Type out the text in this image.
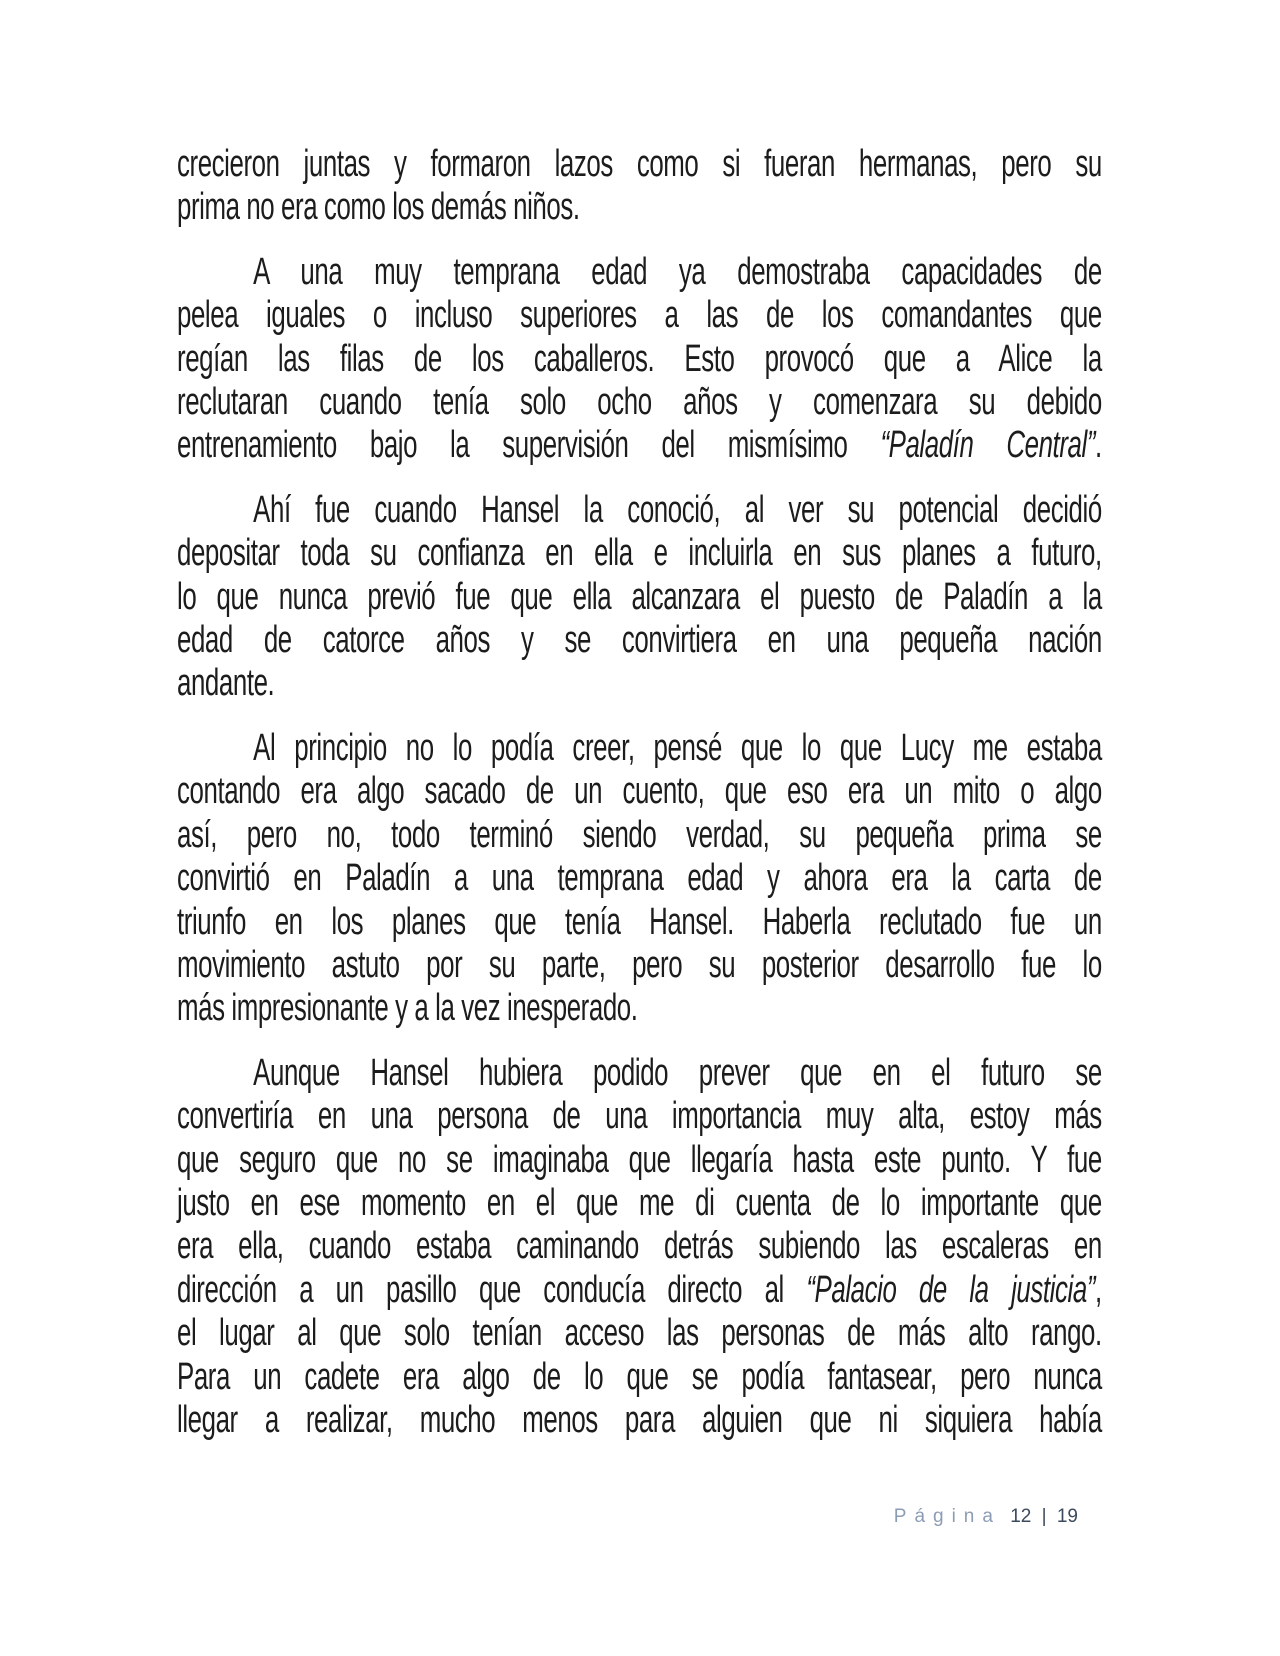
crecieron juntas y formaron lazos como si fueran hermanas, pero su
prima no era como los demás niños.
A una muy temprana edad ya demostraba capacidades de
pelea iguales o incluso superiores a las de los comandantes que
regían las filas de los caballeros. Esto provocó que a Alice la
reclutaran cuando tenía solo ocho años y comenzara su debido
entrenamiento bajo la supervisión del mismísimo “Paladín Central”.
Ahí fue cuando Hansel la conoció, al ver su potencial decidió
depositar toda su confianza en ella e incluirla en sus planes a futuro,
lo que nunca previó fue que ella alcanzara el puesto de Paladín a la
edad de catorce años y se convirtiera en una pequeña nación
andante.
Al principio no lo podía creer, pensé que lo que Lucy me estaba
contando era algo sacado de un cuento, que eso era un mito o algo
así, pero no, todo terminó siendo verdad, su pequeña prima se
convirtió en Paladín a una temprana edad y ahora era la carta de
triunfo en los planes que tenía Hansel. Haberla reclutado fue un
movimiento astuto por su parte, pero su posterior desarrollo fue lo
más impresionante y a la vez inesperado.
Aunque Hansel hubiera podido prever que en el futuro se
convertiría en una persona de una importancia muy alta, estoy más
que seguro que no se imaginaba que llegaría hasta este punto. Y fue
justo en ese momento en el que me di cuenta de lo importante que
era ella, cuando estaba caminando detrás subiendo las escaleras en
dirección a un pasillo que conducía directo al “Palacio de la justicia”,
el lugar al que solo tenían acceso las personas de más alto rango.
Para un cadete era algo de lo que se podía fantasear, pero nunca
llegar a realizar, mucho menos para alguien que ni siquiera había
Página 12 | 19
